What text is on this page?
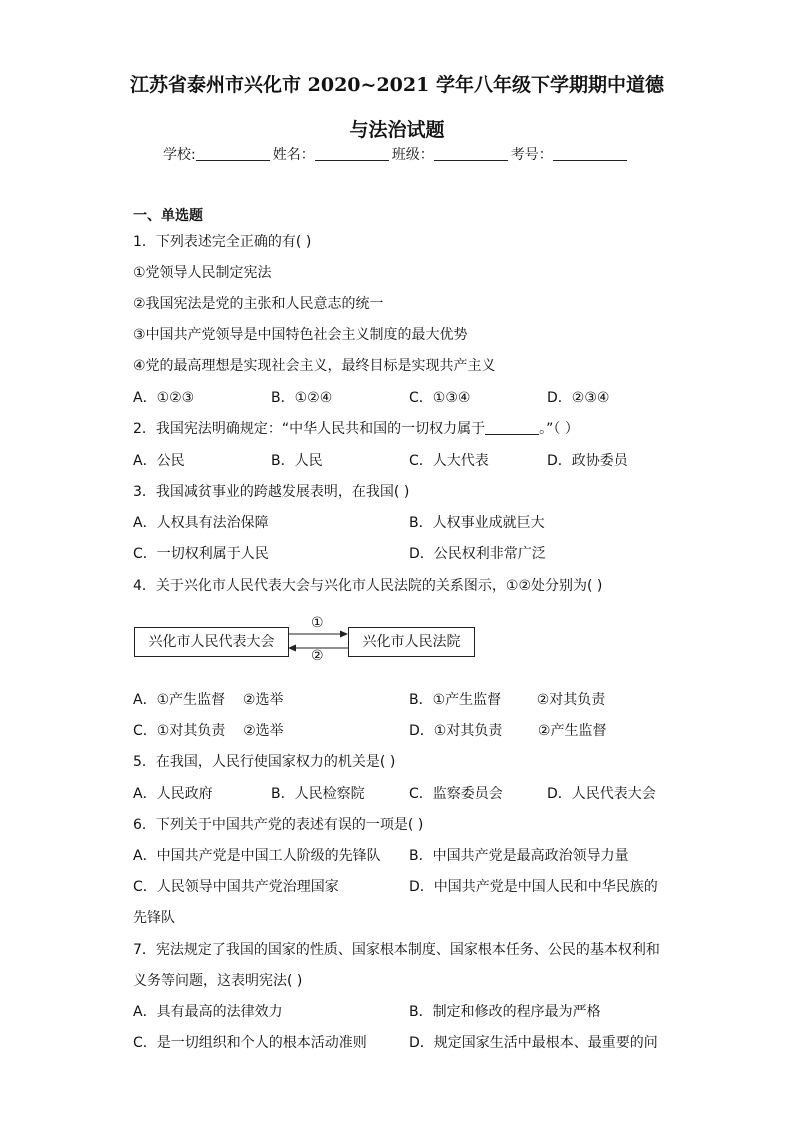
江苏省泰州市兴化市 2020~2021 学年八年级下学期期中道德
与法治试题
学校:	姓名：	班级：	考号：
一、单选题
1．下列表述完全正确的有( )
①党领导人民制定宪法
②我国宪法是党的主张和人民意志的统一
③中国共产党领导是中国特色社会主义制度的最大优势
④党的最高理想是实现社会主义，最终目标是实现共产主义
A．①②③	B．①②④	C．①③④	D．②③④
2．我国宪法明确规定：“中华人民共和国的一切权力属于	。”（ ）
A．公民	B．人民	C．人大代表	D．政协委员
3．我国减贫事业的跨越发展表明，在我国( )
A．人权具有法治保障	B．人权事业成就巨大
C．一切权利属于人民	D．公民权利非常广泛
4．关于兴化市人民代表大会与兴化市人民法院的关系图示，①②处分别为( )
兴化市人民代表大会	兴化市人民法院
①
②
A．①产生监督    ②选举	B．①产生监督        ②对其负责
C．①对其负责    ②选举	D．①对其负责        ②产生监督
5．在我国，人民行使国家权力的机关是( )
A．人民政府	B．人民检察院	C．监察委员会	D．人民代表大会
6．下列关于中国共产党的表述有误的一项是( )
A．中国共产党是中国工人阶级的先锋队 B．中国共产党是最高政治领导力量
C．人民领导中国共产党治理国家	D．中国共产党是中国人民和中华民族的
先锋队
7．宪法规定了我国的国家的性质、国家根本制度、国家根本任务、公民的基本权利和
义务等问题，这表明宪法( )
A．具有最高的法律效力	B．制定和修改的程序最为严格
C．是一切组织和个人的根本活动准则	D．规定国家生活中最根本、最重要的问
